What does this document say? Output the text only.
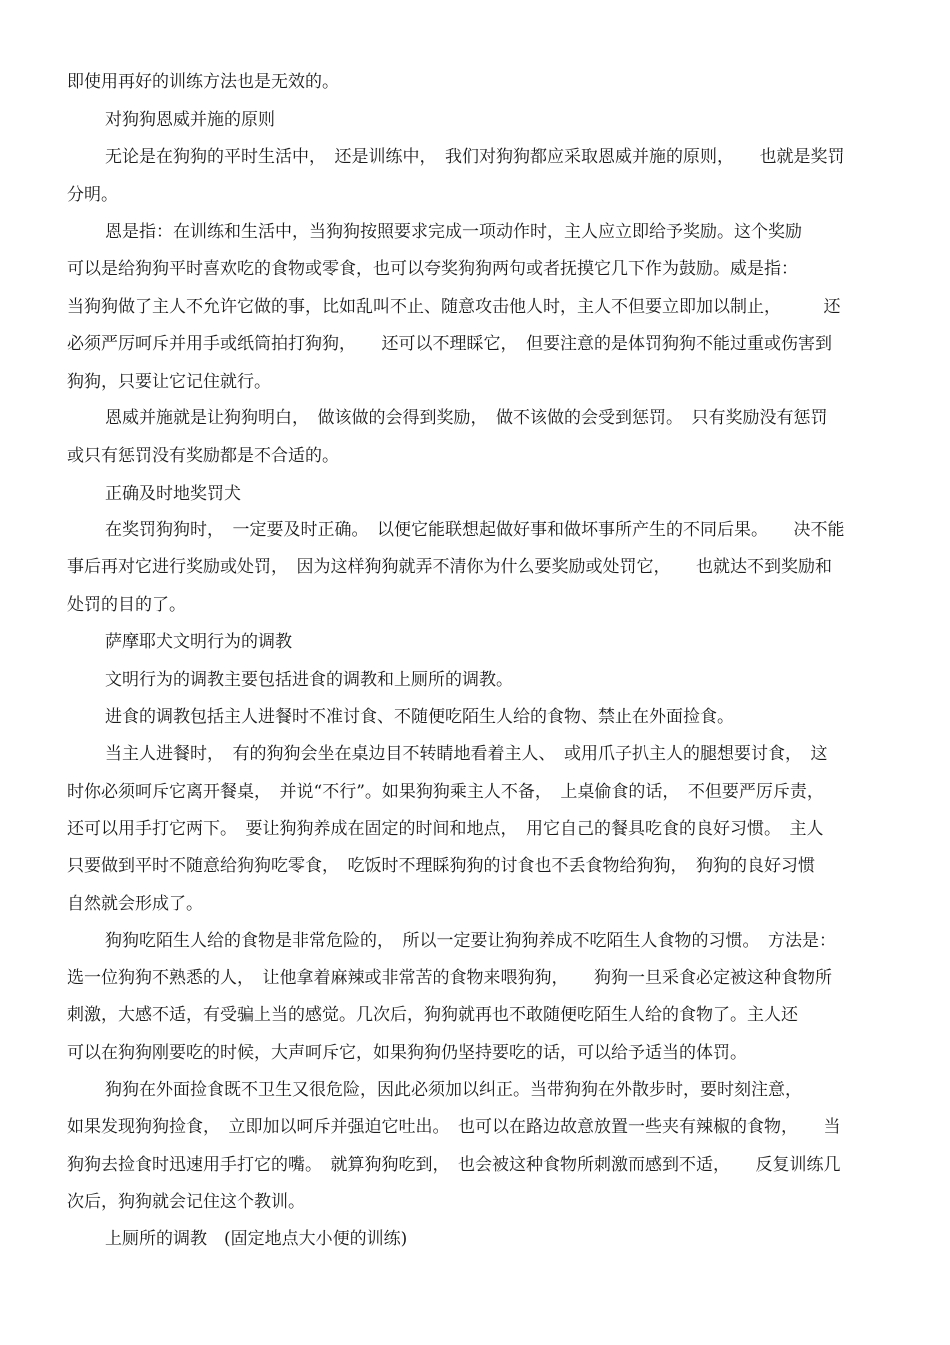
即使用再好的训练方法也是无效的。
对狗狗恩威并施的原则
无论是在狗狗的平时生活中，　还是训练中，　我们对狗狗都应采取恩威并施的原则，　　也就是奖罚
分明。
恩是指：在训练和生活中，当狗狗按照要求完成一项动作时，主人应立即给予奖励。这个奖励
可以是给狗狗平时喜欢吃的食物或零食，也可以夸奖狗狗两句或者抚摸它几下作为鼓励。威是指：
当狗狗做了主人不允许它做的事，比如乱叫不止、随意攻击他人时，主人不但要立即加以制止，　　　还
必须严厉呵斥并用手或纸筒拍打狗狗，　　还可以不理睬它，　但要注意的是体罚狗狗不能过重或伤害到
狗狗，只要让它记住就行。
恩威并施就是让狗狗明白，　做该做的会得到奖励，　做不该做的会受到惩罚。　只有奖励没有惩罚
或只有惩罚没有奖励都是不合适的。
正确及时地奖罚犬
在奖罚狗狗时，　一定要及时正确。　以便它能联想起做好事和做坏事所产生的不同后果。　　决不能
事后再对它进行奖励或处罚，　因为这样狗狗就弄不清你为什么要奖励或处罚它，　　也就达不到奖励和
处罚的目的了。
萨摩耶犬文明行为的调教
文明行为的调教主要包括进食的调教和上厕所的调教。
进食的调教包括主人进餐时不准讨食、不随便吃陌生人给的食物、禁止在外面捡食。
当主人进餐时，　有的狗狗会坐在桌边目不转睛地看着主人、　或用爪子扒主人的腿想要讨食，　这
时你必须呵斥它离开餐桌，　并说“不行”。如果狗狗乘主人不备，　上桌偷食的话，　不但要严厉斥责，
还可以用手打它两下。　要让狗狗养成在固定的时间和地点，　用它自己的餐具吃食的良好习惯。　主人
只要做到平时不随意给狗狗吃零食，　吃饭时不理睬狗狗的讨食也不丢食物给狗狗，　狗狗的良好习惯
自然就会形成了。
狗狗吃陌生人给的食物是非常危险的，　所以一定要让狗狗养成不吃陌生人食物的习惯。　方法是：
选一位狗狗不熟悉的人，　让他拿着麻辣或非常苦的食物来喂狗狗，　　狗狗一旦采食必定被这种食物所
刺激，大感不适，有受骗上当的感觉。几次后，狗狗就再也不敢随便吃陌生人给的食物了。主人还
可以在狗狗刚要吃的时候，大声呵斥它，如果狗狗仍坚持要吃的话，可以给予适当的体罚。
狗狗在外面捡食既不卫生又很危险，因此必须加以纠正。当带狗狗在外散步时，要时刻注意，
如果发现狗狗捡食，　立即加以呵斥并强迫它吐出。　也可以在路边故意放置一些夹有辣椒的食物，　　当
狗狗去捡食时迅速用手打它的嘴。　就算狗狗吃到，　也会被这种食物所刺激而感到不适，　　反复训练几
次后，狗狗就会记住这个教训。
上厕所的调教　(固定地点大小便的训练)
